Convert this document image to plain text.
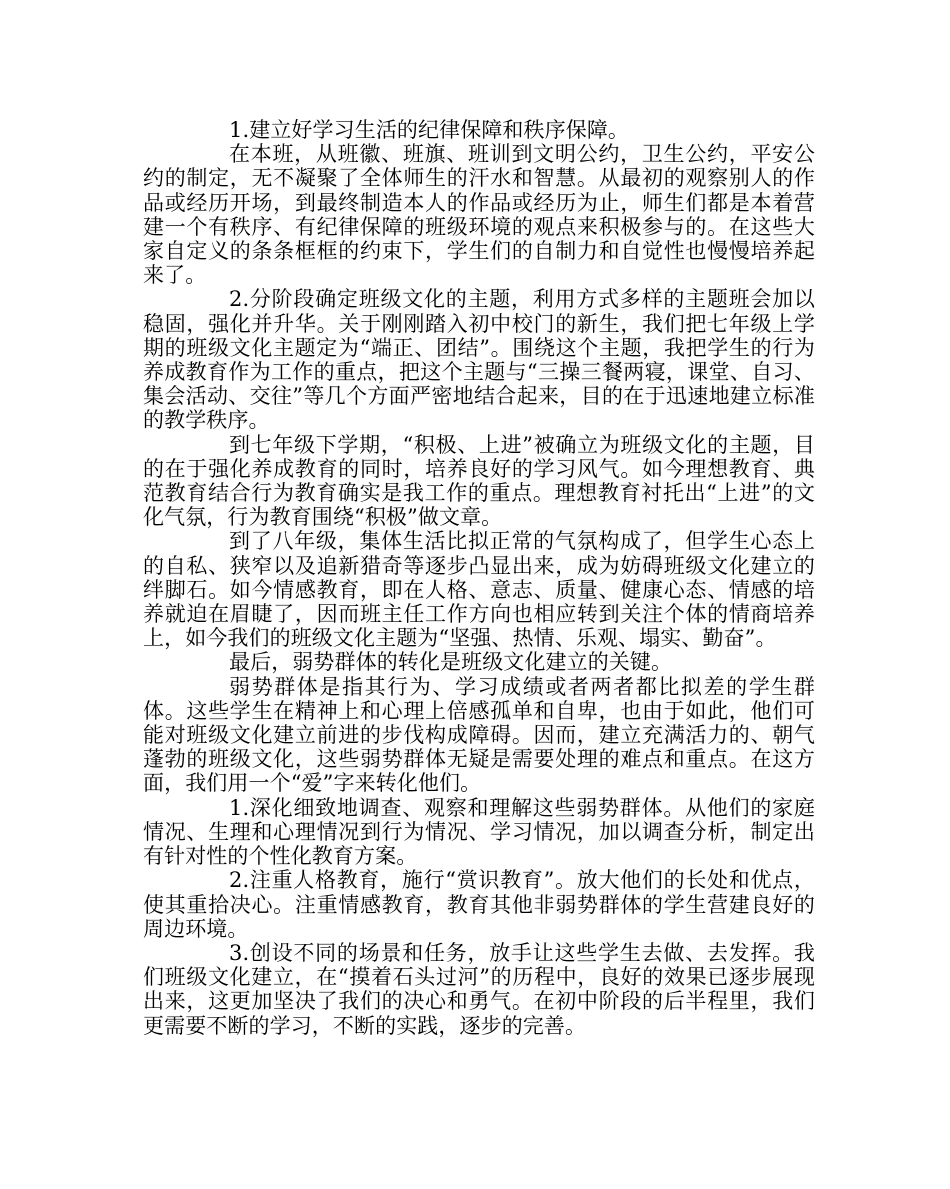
1.建立好学习生活的纪律保障和秩序保障。

在本班，从班徽、班旗、班训到文明公约，卫生公约，平安公约的制定，无不凝聚了全体师生的汗水和智慧。从最初的观察别人的作品或经历开场，到最终制造本人的作品或经历为止，师生们都是本着营建一个有秩序、有纪律保障的班级环境的观点来积极参与的。在这些大家自定义的条条框框的约束下，学生们的自制力和自觉性也慢慢培养起来了。

2.分阶段确定班级文化的主题，利用方式多样的主题班会加以稳固，强化并升华。关于刚刚踏入初中校门的新生，我们把七年级上学期的班级文化主题定为“端正、团结”。围绕这个主题，我把学生的行为养成教育作为工作的重点，把这个主题与“三操三餐两寝，课堂、自习、集会活动、交往”等几个方面严密地结合起来，目的在于迅速地建立标准的教学秩序。

到七年级下学期，“积极、上进”被确立为班级文化的主题，目的在于强化养成教育的同时，培养良好的学习风气。如今理想教育、典范教育结合行为教育确实是我工作的重点。理想教育衬托出“上进”的文化气氛，行为教育围绕“积极”做文章。

到了八年级，集体生活比拟正常的气氛构成了，但学生心态上的自私、狭窄以及追新猎奇等逐步凸显出来，成为妨碍班级文化建立的绊脚石。如今情感教育，即在人格、意志、质量、健康心态、情感的培养就迫在眉睫了，因而班主任工作方向也相应转到关注个体的情商培养上，如今我们的班级文化主题为“坚强、热情、乐观、塌实、勤奋”。

最后，弱势群体的转化是班级文化建立的关键。

弱势群体是指其行为、学习成绩或者两者都比拟差的学生群体。这些学生在精神上和心理上倍感孤单和自卑，也由于如此，他们可能对班级文化建立前进的步伐构成障碍。因而，建立充满活力的、朝气蓬勃的班级文化，这些弱势群体无疑是需要处理的难点和重点。在这方面，我们用一个“爱”字来转化他们。

1.深化细致地调查、观察和理解这些弱势群体。从他们的家庭情况、生理和心理情况到行为情况、学习情况，加以调查分析，制定出有针对性的个性化教育方案。

2.注重人格教育，施行“赏识教育”。放大他们的长处和优点，使其重拾决心。注重情感教育，教育其他非弱势群体的学生营建良好的周边环境。

3.创设不同的场景和任务，放手让这些学生去做、去发挥。我们班级文化建立，在“摸着石头过河”的历程中，良好的效果已逐步展现出来，这更加坚决了我们的决心和勇气。在初中阶段的后半程里，我们更需要不断的学习，不断的实践，逐步的完善。
